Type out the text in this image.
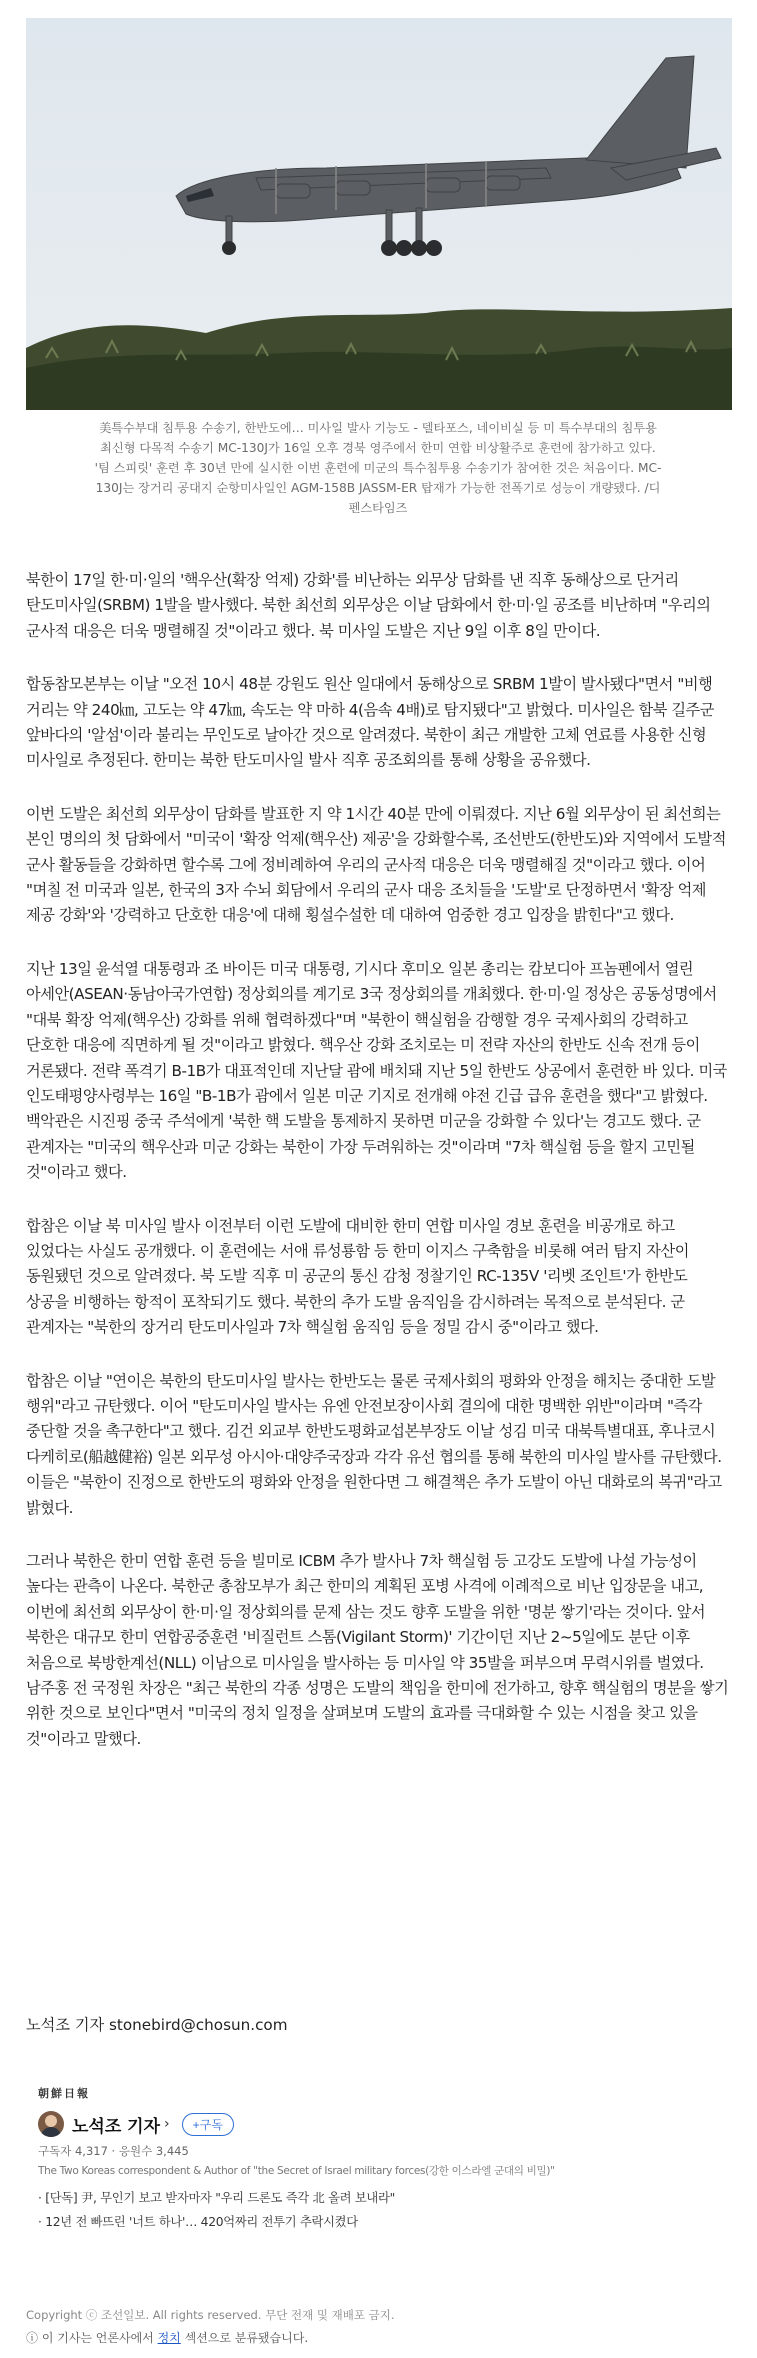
美특수부대 침투용 수송기, 한반도에… 미사일 발사 기능도 - 델타포스, 네이비실 등 미 특수부대의 침투용
최신형 다목적 수송기 MC-130J가 16일 오후 경북 영주에서 한미 연합 비상활주로 훈련에 참가하고 있다.
'팀 스피릿' 훈련 후 30년 만에 실시한 이번 훈련에 미군의 특수침투용 수송기가 참여한 것은 처음이다. MC-
130J는 장거리 공대지 순항미사일인 AGM-158B JASSM-ER 탑재가 가능한 전폭기로 성능이 개량됐다. /디
펜스타임즈

북한이 17일 한·미·일의 '핵우산(확장 억제) 강화'를 비난하는 외무상 담화를 낸 직후 동해상으로 단거리 탄도미사일(SRBM) 1발을 발사했다. 북한 최선희 외무상은 이날 담화에서 한·미·일 공조를 비난하며 "우리의 군사적 대응은 더욱 맹렬해질 것"이라고 했다. 북 미사일 도발은 지난 9일 이후 8일 만이다.

합동참모본부는 이날 "오전 10시 48분 강원도 원산 일대에서 동해상으로 SRBM 1발이 발사됐다"면서 "비행 거리는 약 240㎞, 고도는 약 47㎞, 속도는 약 마하 4(음속 4배)로 탐지됐다"고 밝혔다. 미사일은 함북 길주군 앞바다의 '알섬'이라 불리는 무인도로 날아간 것으로 알려졌다. 북한이 최근 개발한 고체 연료를 사용한 신형 미사일로 추정된다. 한미는 북한 탄도미사일 발사 직후 공조회의를 통해 상황을 공유했다.

이번 도발은 최선희 외무상이 담화를 발표한 지 약 1시간 40분 만에 이뤄졌다. 지난 6월 외무상이 된 최선희는 본인 명의의 첫 담화에서 "미국이 '확장 억제(핵우산) 제공'을 강화할수록, 조선반도(한반도)와 지역에서 도발적 군사 활동들을 강화하면 할수록 그에 정비례하여 우리의 군사적 대응은 더욱 맹렬해질 것"이라고 했다. 이어 "며칠 전 미국과 일본, 한국의 3자 수뇌 회담에서 우리의 군사 대응 조치들을 '도발'로 단정하면서 '확장 억제 제공 강화'와 '강력하고 단호한 대응'에 대해 횡설수설한 데 대하여 엄중한 경고 입장을 밝힌다"고 했다.

지난 13일 윤석열 대통령과 조 바이든 미국 대통령, 기시다 후미오 일본 총리는 캄보디아 프놈펜에서 열린 아세안(ASEAN·동남아국가연합) 정상회의를 계기로 3국 정상회의를 개최했다. 한·미·일 정상은 공동성명에서 "대북 확장 억제(핵우산) 강화를 위해 협력하겠다"며 "북한이 핵실험을 감행할 경우 국제사회의 강력하고 단호한 대응에 직면하게 될 것"이라고 밝혔다. 핵우산 강화 조치로는 미 전략 자산의 한반도 신속 전개 등이 거론됐다. 전략 폭격기 B-1B가 대표적인데 지난달 괌에 배치돼 지난 5일 한반도 상공에서 훈련한 바 있다. 미국 인도태평양사령부는 16일 "B-1B가 괌에서 일본 미군 기지로 전개해 야전 긴급 급유 훈련을 했다"고 밝혔다. 백악관은 시진핑 중국 주석에게 '북한 핵 도발을 통제하지 못하면 미군을 강화할 수 있다'는 경고도 했다. 군 관계자는 "미국의 핵우산과 미군 강화는 북한이 가장 두려워하는 것"이라며 "7차 핵실험 등을 할지 고민될 것"이라고 했다.

합참은 이날 북 미사일 발사 이전부터 이런 도발에 대비한 한미 연합 미사일 경보 훈련을 비공개로 하고 있었다는 사실도 공개했다. 이 훈련에는 서애 류성룡함 등 한미 이지스 구축함을 비롯해 여러 탐지 자산이 동원됐던 것으로 알려졌다. 북 도발 직후 미 공군의 통신 감청 정찰기인 RC-135V '리벳 조인트'가 한반도 상공을 비행하는 항적이 포착되기도 했다. 북한의 추가 도발 움직임을 감시하려는 목적으로 분석된다. 군 관계자는 "북한의 장거리 탄도미사일과 7차 핵실험 움직임 등을 정밀 감시 중"이라고 했다.

합참은 이날 "연이은 북한의 탄도미사일 발사는 한반도는 물론 국제사회의 평화와 안정을 해치는 중대한 도발 행위"라고 규탄했다. 이어 "탄도미사일 발사는 유엔 안전보장이사회 결의에 대한 명백한 위반"이라며 "즉각 중단할 것을 촉구한다"고 했다. 김건 외교부 한반도평화교섭본부장도 이날 성김 미국 대북특별대표, 후나코시 다케히로(船越健裕) 일본 외무성 아시아·대양주국장과 각각 유선 협의를 통해 북한의 미사일 발사를 규탄했다. 이들은 "북한이 진정으로 한반도의 평화와 안정을 원한다면 그 해결책은 추가 도발이 아닌 대화로의 복귀"라고 밝혔다.

그러나 북한은 한미 연합 훈련 등을 빌미로 ICBM 추가 발사나 7차 핵실험 등 고강도 도발에 나설 가능성이 높다는 관측이 나온다. 북한군 총참모부가 최근 한미의 계획된 포병 사격에 이례적으로 비난 입장문을 내고, 이번에 최선희 외무상이 한·미·일 정상회의를 문제 삼는 것도 향후 도발을 위한 '명분 쌓기'라는 것이다. 앞서 북한은 대규모 한미 연합공중훈련 '비질런트 스톰(Vigilant Storm)' 기간이던 지난 2~5일에도 분단 이후 처음으로 북방한계선(NLL) 이남으로 미사일을 발사하는 등 미사일 약 35발을 퍼부으며 무력시위를 벌였다. 남주홍 전 국정원 차장은 "최근 북한의 각종 성명은 도발의 책임을 한미에 전가하고, 향후 핵실험의 명분을 쌓기 위한 것으로 보인다"면서 "미국의 정치 일정을 살펴보며 도발의 효과를 극대화할 수 있는 시점을 찾고 있을 것"이라고 말했다.

노석조 기자 stonebird@chosun.com
朝鮮日報
노석조 기자 ›	+구독
구독자 4,317 · 응원수 3,445
The Two Koreas correspondent & Author of "the Secret of Israel military forces(강한 이스라엘 군대의 비밀)"
· [단독] 尹, 무인기 보고 받자마자 "우리 드론도 즉각 北 올려 보내라"
· 12년 전 빠뜨린 '너트 하나'… 420억짜리 전투기 추락시켰다
Copyright ⓒ 조선일보. All rights reserved. 무단 전재 및 재배포 금지.
ⓘ 이 기사는 언론사에서 정치 섹션으로 분류됐습니다.
